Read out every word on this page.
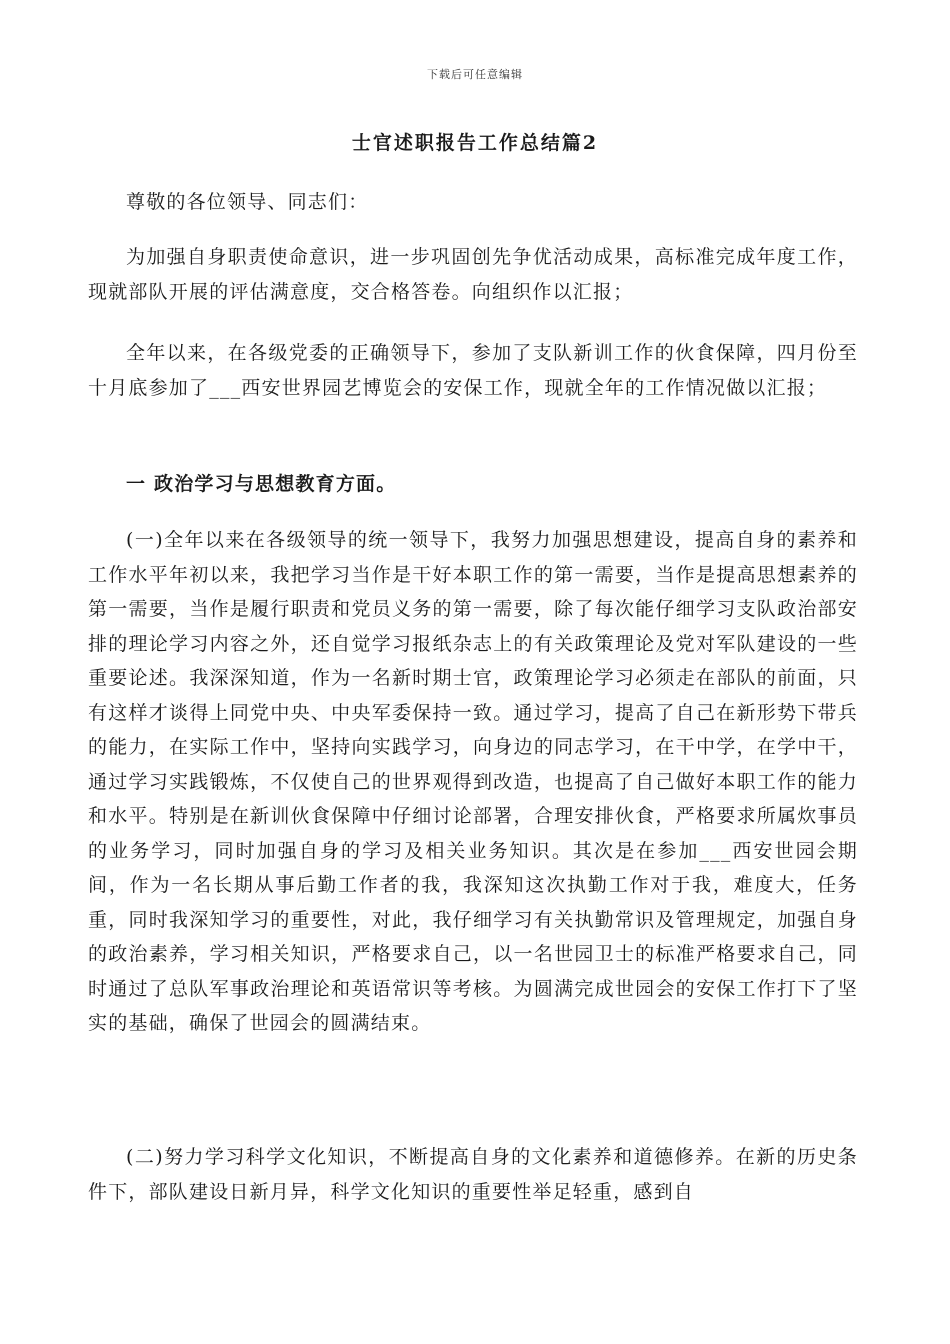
下载后可任意编辑
士官述职报告工作总结篇2

尊敬的各位领导、同志们：

为加强自身职责使命意识，进一步巩固创先争优活动成果，高标准完成年度工作，现就部队开展的评估满意度，交合格答卷。向组织作以汇报；

全年以来，在各级党委的正确领导下，参加了支队新训工作的伙食保障，四月份至十月底参加了___西安世界园艺博览会的安保工作，现就全年的工作情况做以汇报；

一 政治学习与思想教育方面。

(一)全年以来在各级领导的统一领导下，我努力加强思想建设，提高自身的素养和工作水平年初以来，我把学习当作是干好本职工作的第一需要，当作是提高思想素养的第一需要，当作是履行职责和党员义务的第一需要，除了每次能仔细学习支队政治部安排的理论学习内容之外，还自觉学习报纸杂志上的有关政策理论及党对军队建设的一些重要论述。我深深知道，作为一名新时期士官，政策理论学习必须走在部队的前面，只有这样才谈得上同党中央、中央军委保持一致。通过学习，提高了自己在新形势下带兵的能力，在实际工作中，坚持向实践学习，向身边的同志学习，在干中学，在学中干，通过学习实践锻炼，不仅使自己的世界观得到改造，也提高了自己做好本职工作的能力和水平。特别是在新训伙食保障中仔细讨论部署，合理安排伙食，严格要求所属炊事员的业务学习，同时加强自身的学习及相关业务知识。其次是在参加___西安世园会期间，作为一名长期从事后勤工作者的我，我深知这次执勤工作对于我，难度大，任务重，同时我深知学习的重要性，对此，我仔细学习有关执勤常识及管理规定，加强自身的政治素养，学习相关知识，严格要求自己，以一名世园卫士的标准严格要求自己，同时通过了总队军事政治理论和英语常识等考核。为圆满完成世园会的安保工作打下了坚实的基础，确保了世园会的圆满结束。

(二)努力学习科学文化知识，不断提高自身的文化素养和道德修养。在新的历史条件下，部队建设日新月异，科学文化知识的重要性举足轻重，感到自
